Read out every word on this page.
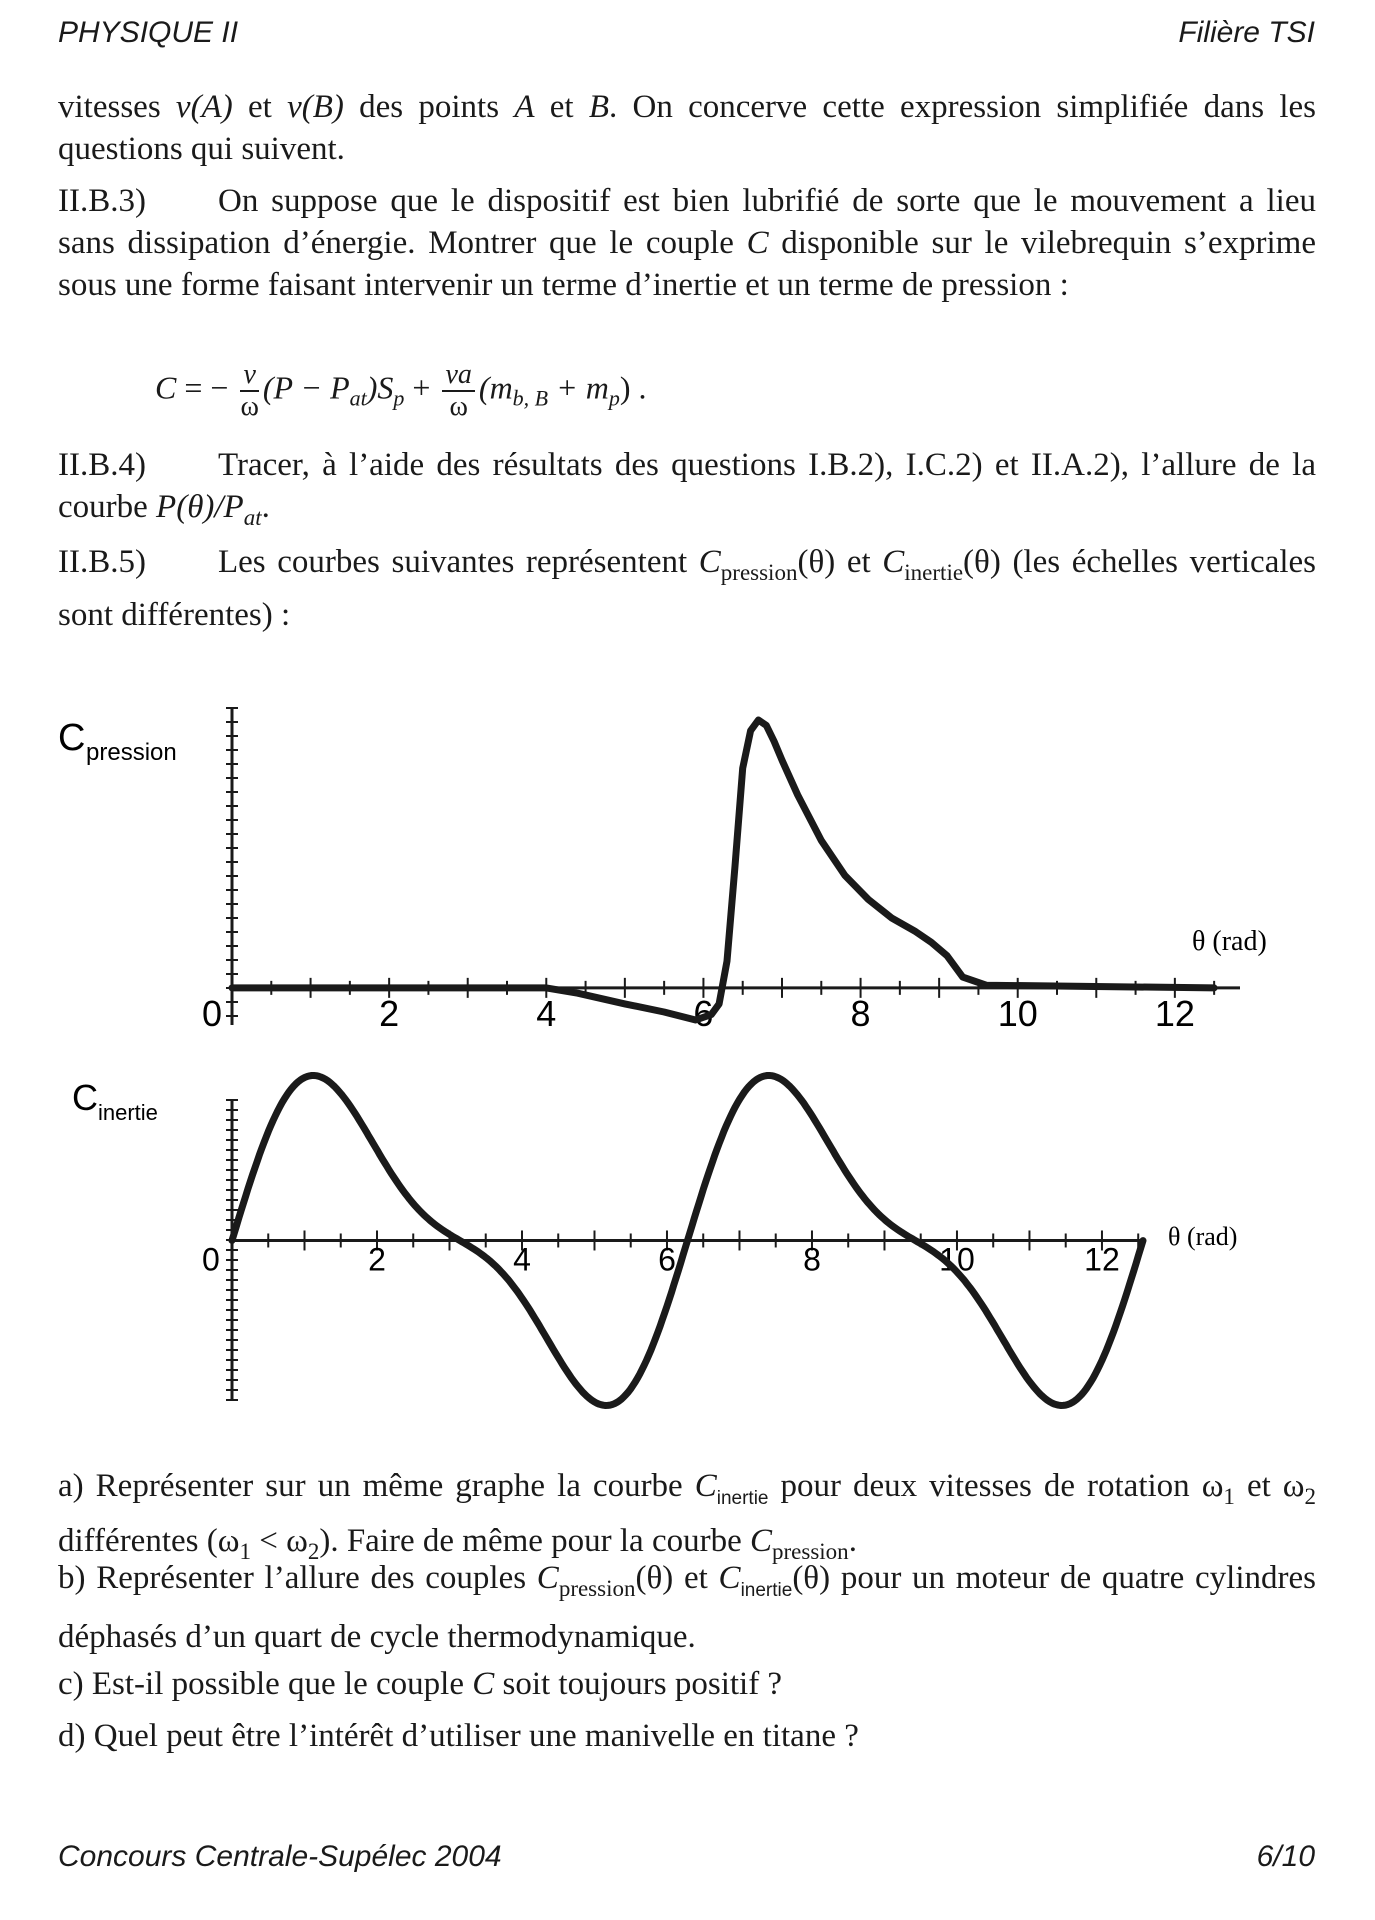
PHYSIQUE II	Filière TSI

vitesses v(A) et v(B) des points A et B. On concerve cette expression simplifiée dans les questions qui suivent.

II.B.3) On suppose que le dispositif est bien lubrifié de sorte que le mouvement a lieu sans dissipation d’énergie. Montrer que le couple C disponible sur le vilebrequin s’exprime sous une forme faisant intervenir un terme d’inertie et un terme de pression :

C = − $\frac{v}{\omega} (P - P_{at})S_p + \frac{va}{\omega} (m_{b, B} + m_p)$ .

II.B.4) Tracer, à l’aide des résultats des questions I.B.2), I.C.2) et II.A.2), l’allure de la courbe $P(\theta)/P_{at}$.

II.B.5) Les courbes suivantes représentent $C_{pression}(\theta)$ et $C_{inertie}(\theta)$ (les échelles verticales sont différentes) :

C pression
θ (rad)
0	2	4	6	8	10	12
C inertie
θ (rad)
0	2	4	6	8	10	12

a) Représenter sur un même graphe la courbe $C_{inertie}$ pour deux vitesses de rotation $\omega_1$ et $\omega_2$ différentes $(\omega_1 < \omega_2)$. Faire de même pour la courbe $C_{pression}$.

b) Représenter l’allure des couples $C_{pression}(\theta)$ et $C_{inertie}(\theta)$ pour un moteur de quatre cylindres déphasés d’un quart de cycle thermodynamique.

c) Est-il possible que le couple C soit toujours positif ?

d) Quel peut être l’intérêt d’utiliser une manivelle en titane ?

Concours Centrale-Supélec 2004	6/10
